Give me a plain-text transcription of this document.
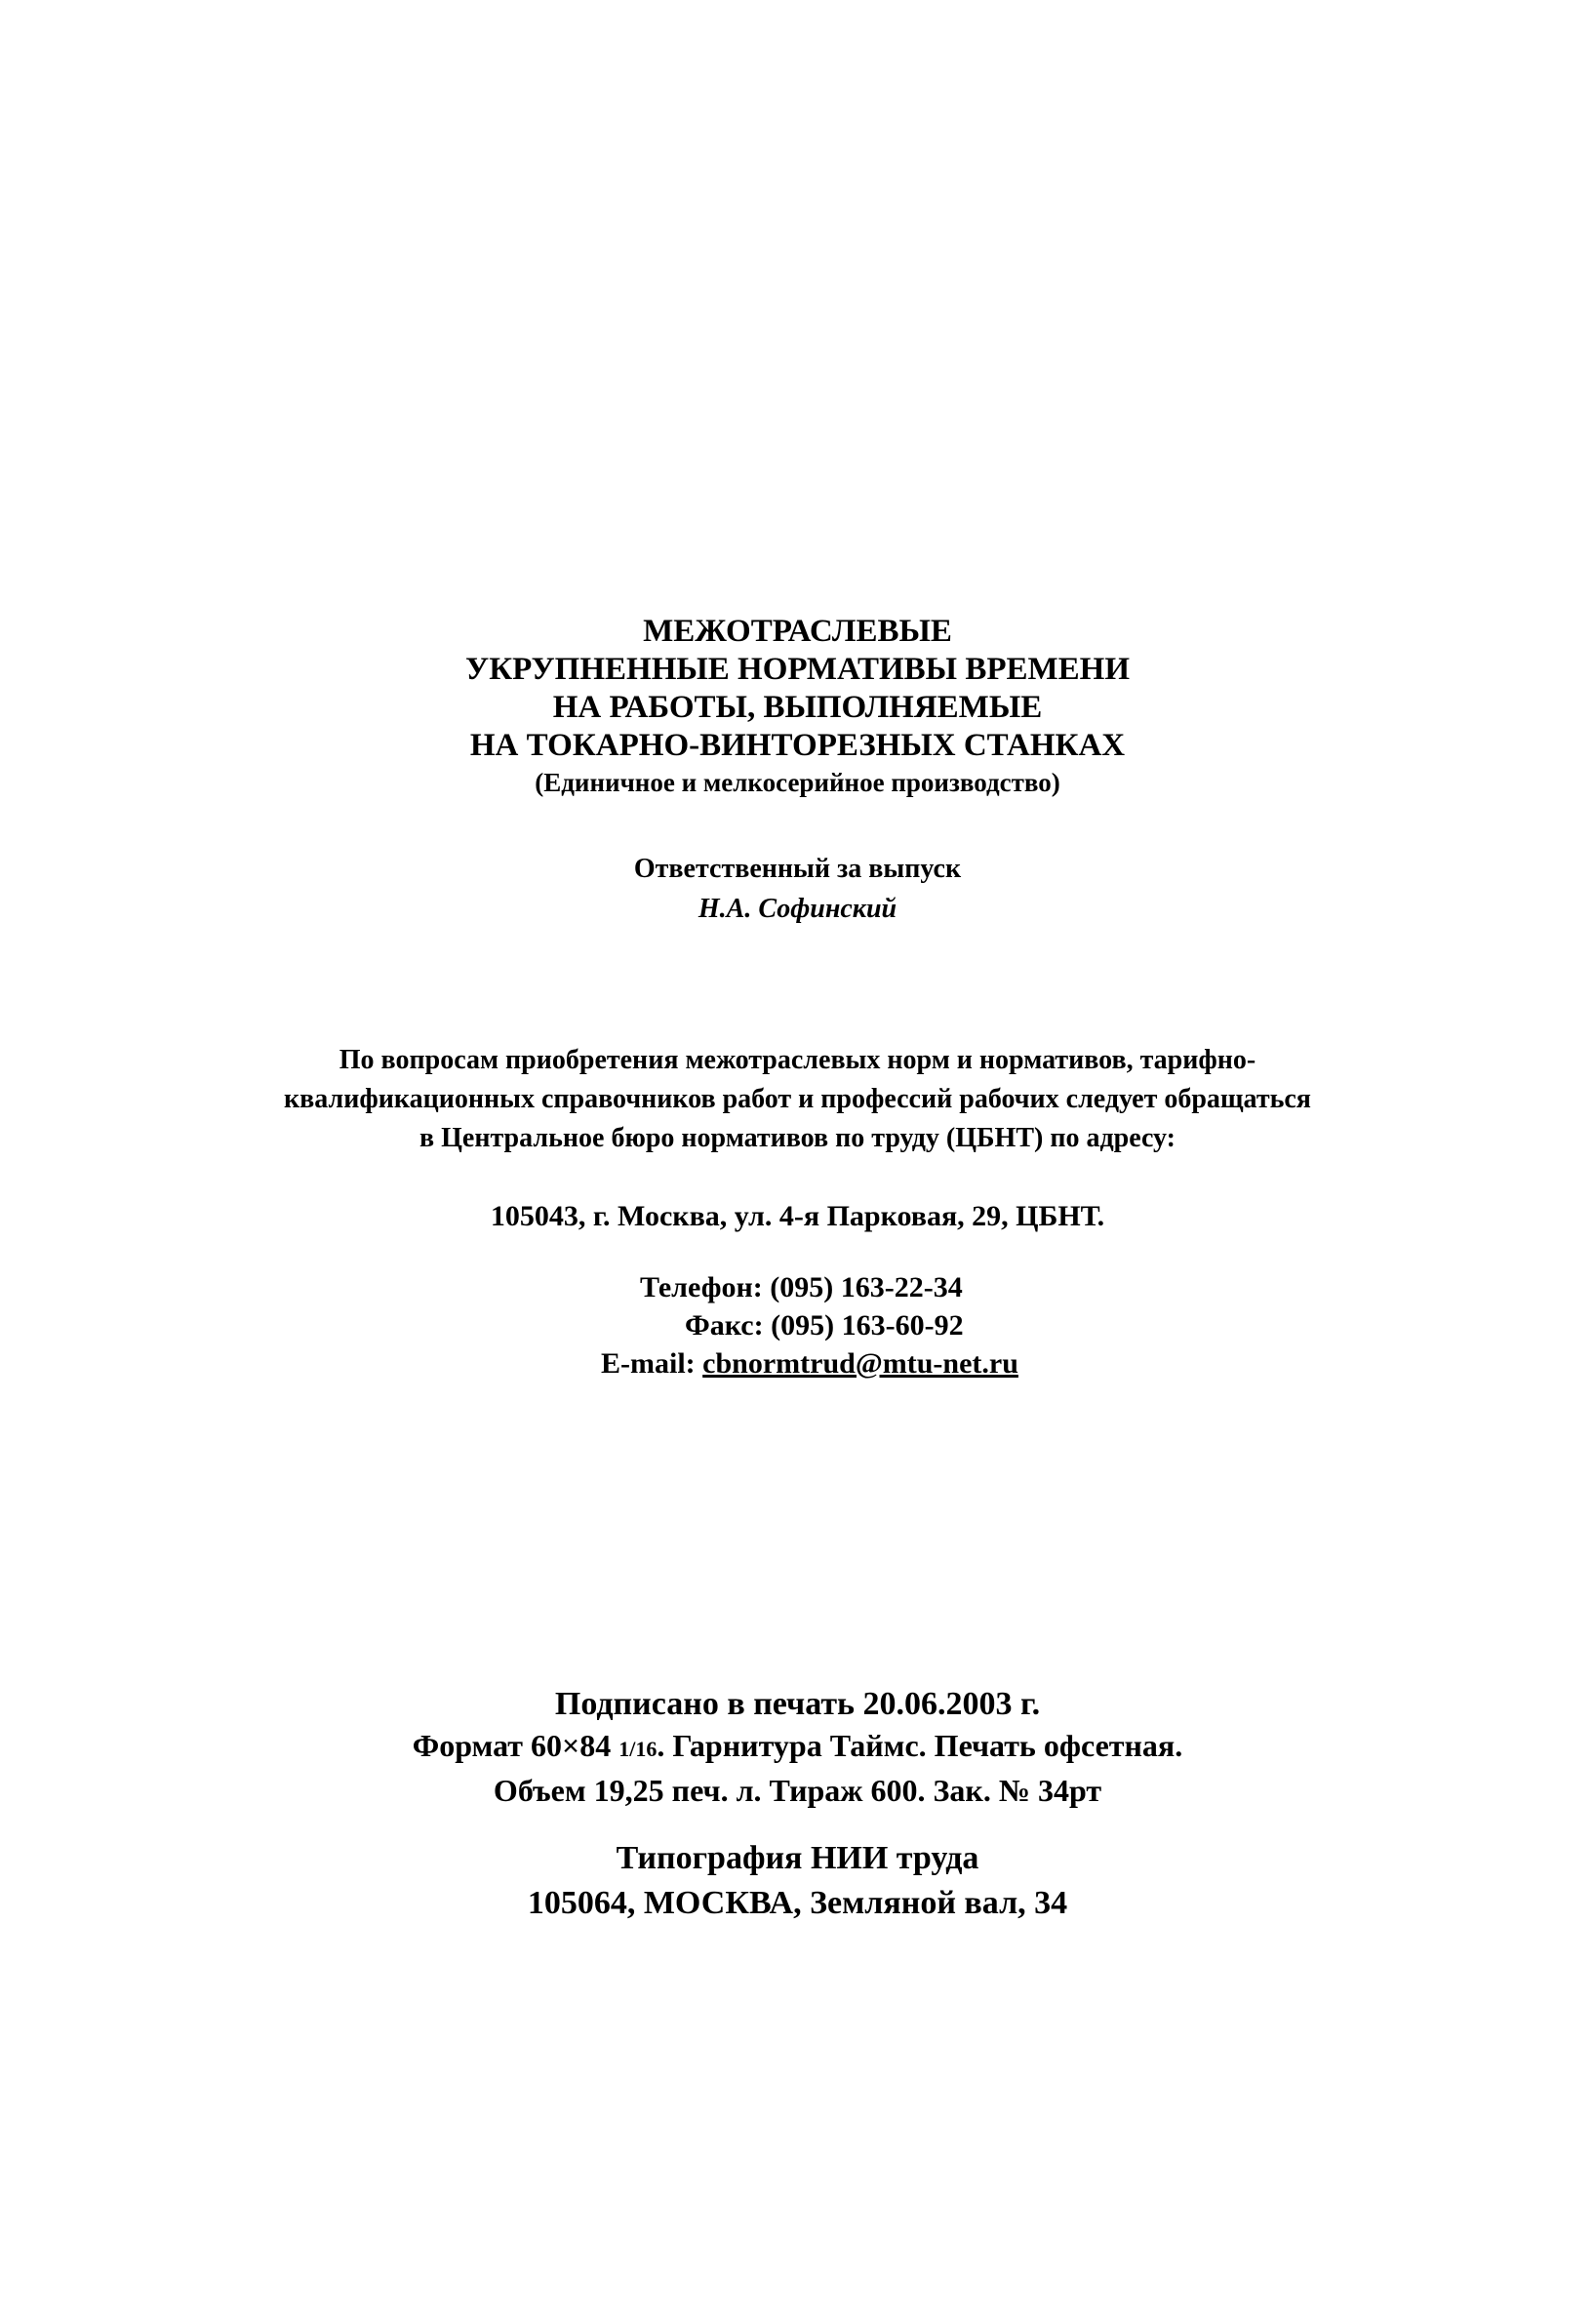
МЕЖОТРАСЛЕВЫЕ
УКРУПНЕННЫЕ НОРМАТИВЫ ВРЕМЕНИ
НА РАБОТЫ, ВЫПОЛНЯЕМЫЕ
НА ТОКАРНО-ВИНТОРЕЗНЫХ СТАНКАХ
(Единичное и мелкосерийное производство)
Ответственный за выпуск
Н.А. Софинский
По вопросам приобретения межотраслевых норм и нормативов, тарифно-
квалификационных справочников работ и профессий рабочих следует обращаться
в Центральное бюро нормативов по труду (ЦБНТ) по адресу:
105043, г. Москва, ул. 4-я Парковая, 29, ЦБНТ.
Телефон: (095) 163-22-34
Факс: (095) 163-60-92
E-mail: cbnormtrud@mtu-net.ru
Подписано в печать 20.06.2003 г.
Формат 60×84 1/16. Гарнитура Таймс. Печать офсетная.
Объем 19,25 печ. л. Тираж 600. Зак. № 34рт
Типография НИИ труда
105064, МОСКВА, Земляной вал, 34
